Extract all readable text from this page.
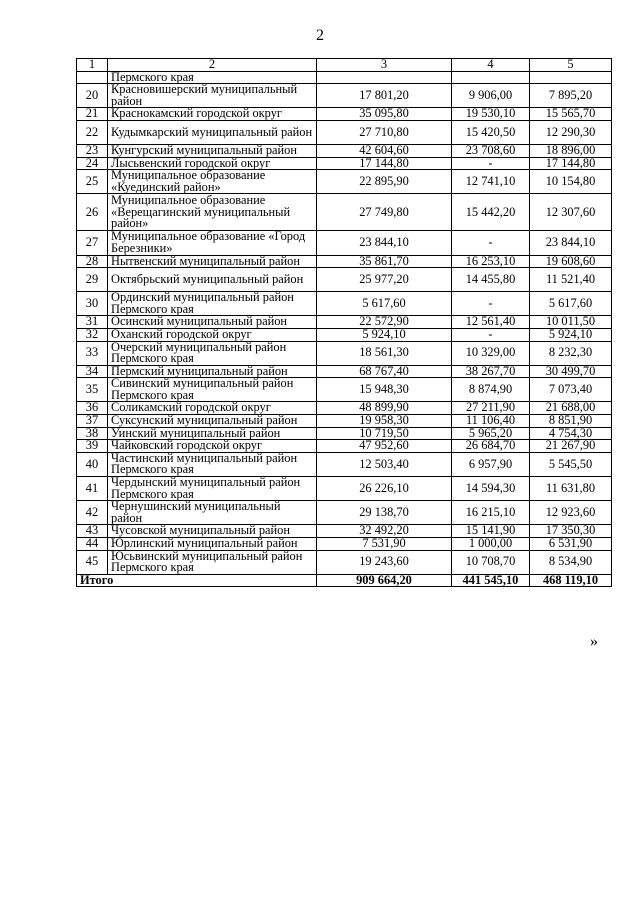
2
1	2	3	4	5
	Пермского края			
20	Красновишерский муниципальный район	17 801,20	9 906,00	7 895,20
21	Краснокамский городской округ	35 095,80	19 530,10	15 565,70
22	Кудымкарский муниципальный район	27 710,80	15 420,50	12 290,30
23	Кунгурский муниципальный район	42 604,60	23 708,60	18 896,00
24	Лысьвенский городской округ	17 144,80	-	17 144,80
25	Муниципальное образование «Куединский район»	22 895,90	12 741,10	10 154,80
26	Муниципальное образование «Верещагинский муниципальный район»	27 749,80	15 442,20	12 307,60
27	Муниципальное образование «Город Березники»	23 844,10	-	23 844,10
28	Нытвенский муниципальный район	35 861,70	16 253,10	19 608,60
29	Октябрьский муниципальный район	25 977,20	14 455,80	11 521,40
30	Ординский муниципальный район Пермского края	5 617,60	-	5 617,60
31	Осинский муниципальный район	22 572,90	12 561,40	10 011,50
32	Оханский городской округ	5 924,10	-	5 924,10
33	Очерский муниципальный район Пермского края	18 561,30	10 329,00	8 232,30
34	Пермский муниципальный район	68 767,40	38 267,70	30 499,70
35	Сивинский муниципальный район Пермского края	15 948,30	8 874,90	7 073,40
36	Соликамский городской округ	48 899,90	27 211,90	21 688,00
37	Суксунский муниципальный район	19 958,30	11 106,40	8 851,90
38	Уинский муниципальный район	10 719,50	5 965,20	4 754,30
39	Чайковский городской округ	47 952,60	26 684,70	21 267,90
40	Частинский муниципальный район Пермского края	12 503,40	6 957,90	5 545,50
41	Чердынский муниципальный район Пермского края	26 226,10	14 594,30	11 631,80
42	Чернушинский муниципальный район	29 138,70	16 215,10	12 923,60
43	Чусовской муниципальный район	32 492,20	15 141,90	17 350,30
44	Юрлинский муниципальный район	7 531,90	1 000,00	6 531,90
45	Юсьвинский муниципальный район Пермского края	19 243,60	10 708,70	8 534,90
Итого		909 664,20	441 545,10	468 119,10
»
